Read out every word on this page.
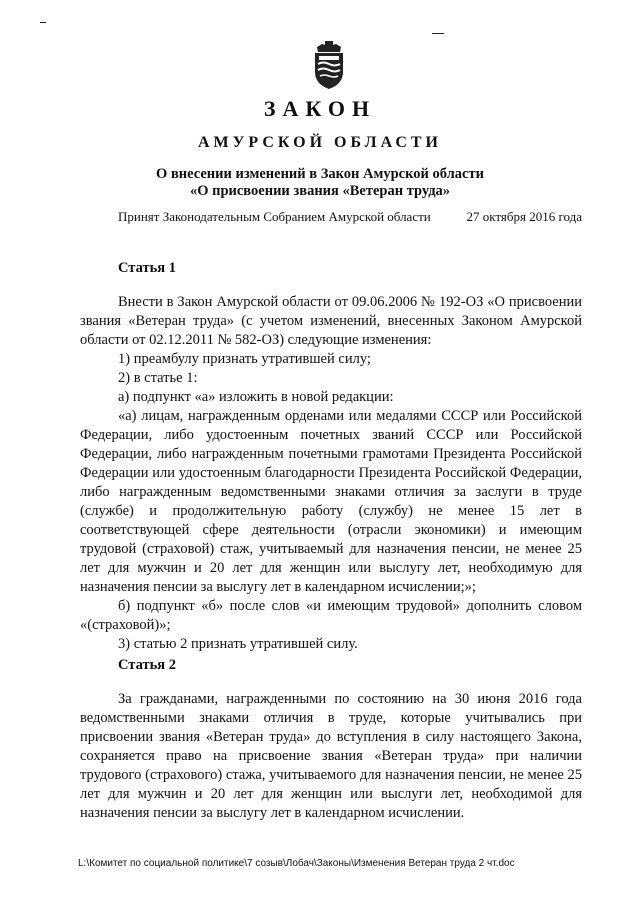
ЗАКОН
АМУРСКОЙ ОБЛАСТИ
О внесении изменений в Закон Амурской области
«О присвоении звания «Ветеран труда»
Принят Законодательным Собранием Амурской области	27 октября 2016 года
Статья 1

Внести в Закон Амурской области от 09.06.2006 № 192-ОЗ «О присвоении звания «Ветеран труда» (с учетом изменений, внесенных Законом Амурской области от 02.12.2011 № 582-ОЗ) следующие изменения:

1) преамбулу признать утратившей силу;

2) в статье 1:

а) подпункт «а» изложить в новой редакции:

«а) лицам, награжденным орденами или медалями СССР или Российской Федерации, либо удостоенным почетных званий СССР или Российской Федерации, либо награжденным почетными грамотами Президента Российской Федерации или удостоенным благодарности Президента Российской Федерации, либо награжденным ведомственными знаками отличия за заслуги в труде (службе) и продолжительную работу (службу) не менее 15 лет в соответствующей сфере деятельности (отрасли экономики) и имеющим трудовой (страховой) стаж, учитываемый для назначения пенсии, не менее 25 лет для мужчин и 20 лет для женщин или выслугу лет, необходимую для назначения пенсии за выслугу лет в календарном исчислении;»;

б) подпункт «б» после слов «и имеющим трудовой» дополнить словом «(страховой)»;

3) статью 2 признать утратившей силу.

Статья 2

За гражданами, награжденными по состоянию на 30 июня 2016 года ведомственными знаками отличия в труде, которые учитывались при присвоении звания «Ветеран труда» до вступления в силу настоящего Закона, сохраняется право на присвоение звания «Ветеран труда» при наличии трудового (страхового) стажа, учитываемого для назначения пенсии, не менее 25 лет для мужчин и 20 лет для женщин или выслуги лет, необходимой для назначения пенсии за выслугу лет в календарном исчислении.

L:\Комитет по социальной политике\7 созыв\Лобач\Законы\Изменения Ветеран труда 2 чт.doc
